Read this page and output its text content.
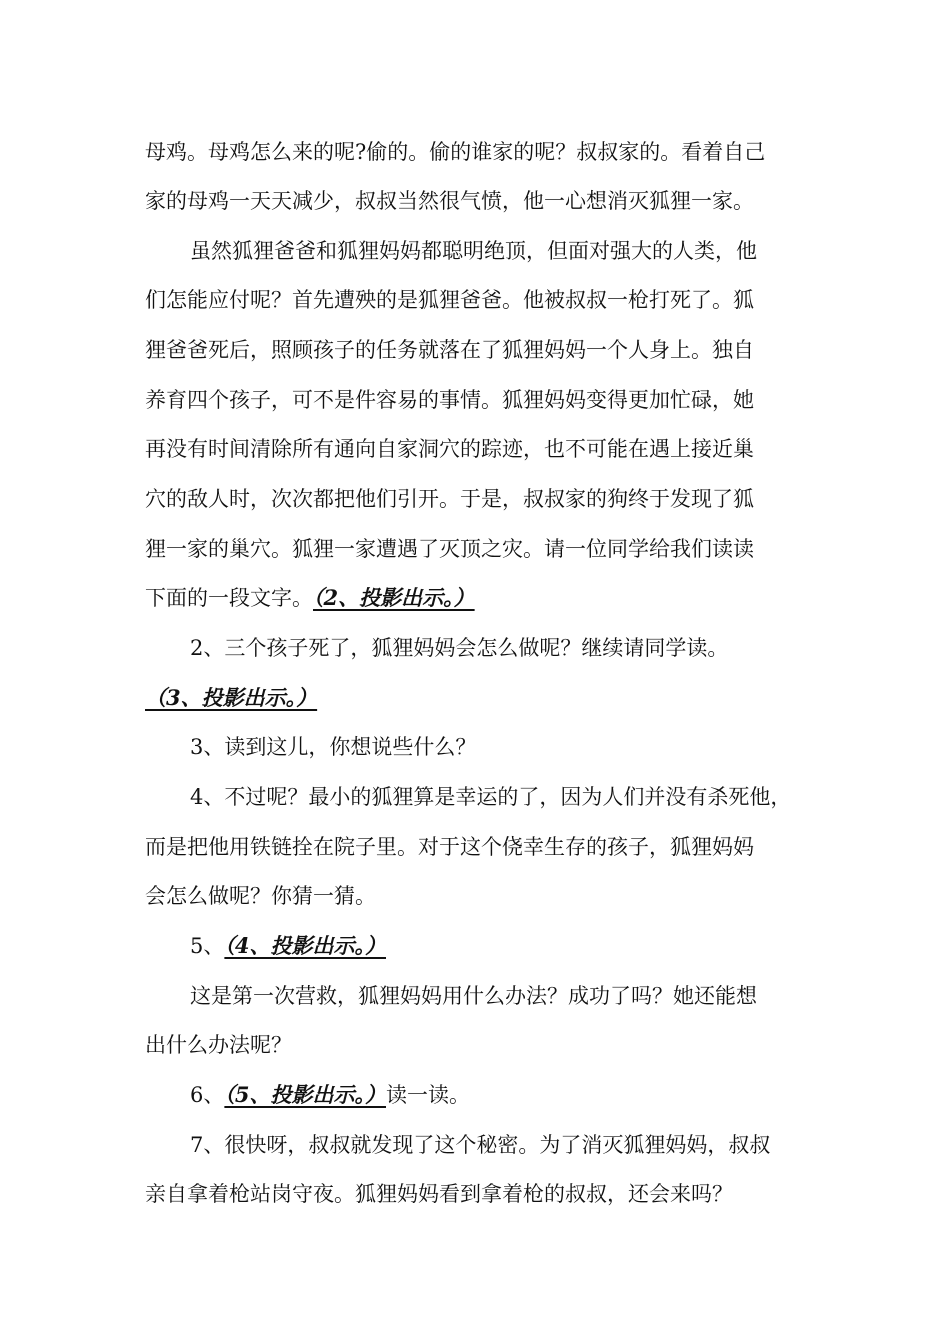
母鸡。母鸡怎么来的呢?偷的。偷的谁家的呢？叔叔家的。看着自己
家的母鸡一天天减少，叔叔当然很气愤，他一心想消灭狐狸一家。
虽然狐狸爸爸和狐狸妈妈都聪明绝顶，但面对强大的人类，他
们怎能应付呢？首先遭殃的是狐狸爸爸。他被叔叔一枪打死了。狐
狸爸爸死后，照顾孩子的任务就落在了狐狸妈妈一个人身上。独自
养育四个孩子，可不是件容易的事情。狐狸妈妈变得更加忙碌，她
再没有时间清除所有通向自家洞穴的踪迹，也不可能在遇上接近巢
穴的敌人时，次次都把他们引开。于是，叔叔家的狗终于发现了狐
狸一家的巢穴。狐狸一家遭遇了灭顶之灾。请一位同学给我们读读
下面的一段文字。（2、投影出示。）
2、三个孩子死了，狐狸妈妈会怎么做呢？继续请同学读。
（3、投影出示。）
3、读到这儿，你想说些什么？
4、不过呢？最小的狐狸算是幸运的了，因为人们并没有杀死他，
而是把他用铁链拴在院子里。对于这个侥幸生存的孩子，狐狸妈妈
会怎么做呢？你猜一猜。
5、（4、投影出示。）
这是第一次营救，狐狸妈妈用什么办法？成功了吗？她还能想
出什么办法呢？
6、（5、投影出示。）读一读。
7、很快呀，叔叔就发现了这个秘密。为了消灭狐狸妈妈，叔叔
亲自拿着枪站岗守夜。狐狸妈妈看到拿着枪的叔叔，还会来吗？
